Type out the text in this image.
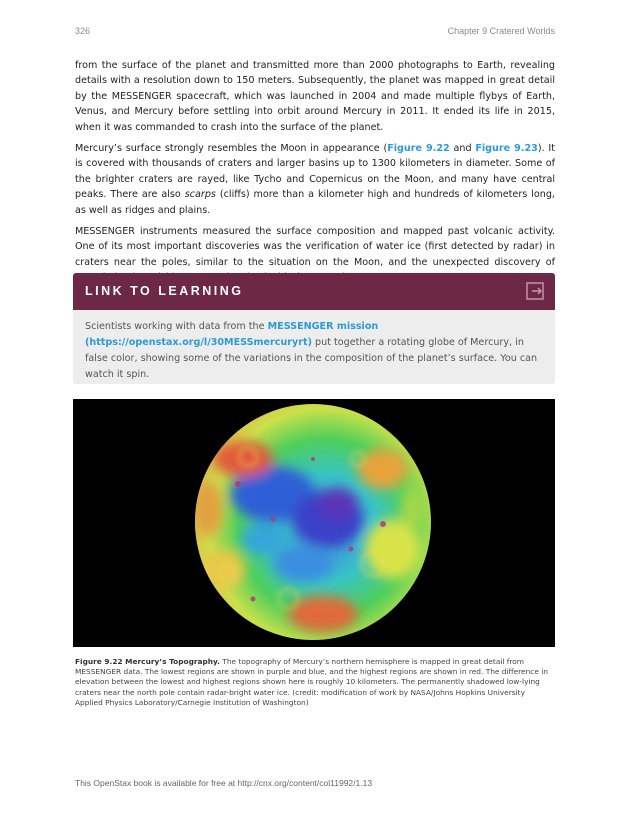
326	Chapter 9 Cratered Worlds

from the surface of the planet and transmitted more than 2000 photographs to Earth, revealing details with a resolution down to 150 meters. Subsequently, the planet was mapped in great detail by the MESSENGER spacecraft, which was launched in 2004 and made multiple flybys of Earth, Venus, and Mercury before settling into orbit around Mercury in 2011. It ended its life in 2015, when it was commanded to crash into the surface of the planet.

Mercury’s surface strongly resembles the Moon in appearance (Figure 9.22 and Figure 9.23). It is covered with thousands of craters and larger basins up to 1300 kilometers in diameter. Some of the brighter craters are rayed, like Tycho and Copernicus on the Moon, and many have central peaks. There are also scarps (cliffs) more than a kilometer high and hundreds of kilometers long, as well as ridges and plains.

MESSENGER instruments measured the surface composition and mapped past volcanic activity. One of its most important discoveries was the verification of water ice (first detected by radar) in craters near the poles, similar to the situation on the Moon, and the unexpected discovery of

LINK TO LEARNING
Scientists working with data from the MESSENGER mission (https://openstax.org/l/30MESSmercuryrt) put together a rotating globe of Mercury, in false color, showing some of the variations in the composition of the planet’s surface. You can watch it spin.
Figure 9.22 Mercury’s Topography. The topography of Mercury’s northern hemisphere is mapped in great detail from MESSENGER data. The lowest regions are shown in purple and blue, and the highest regions are shown in red. The difference in elevation between the lowest and highest regions shown here is roughly 10 kilometers. The permanently shadowed low-lying craters near the north pole contain radar-bright water ice. (credit: modification of work by NASA/Johns Hopkins University Applied Physics Laboratory/Carnegie Institution of Washington)
This OpenStax book is available for free at http://cnx.org/content/col11992/1.13
